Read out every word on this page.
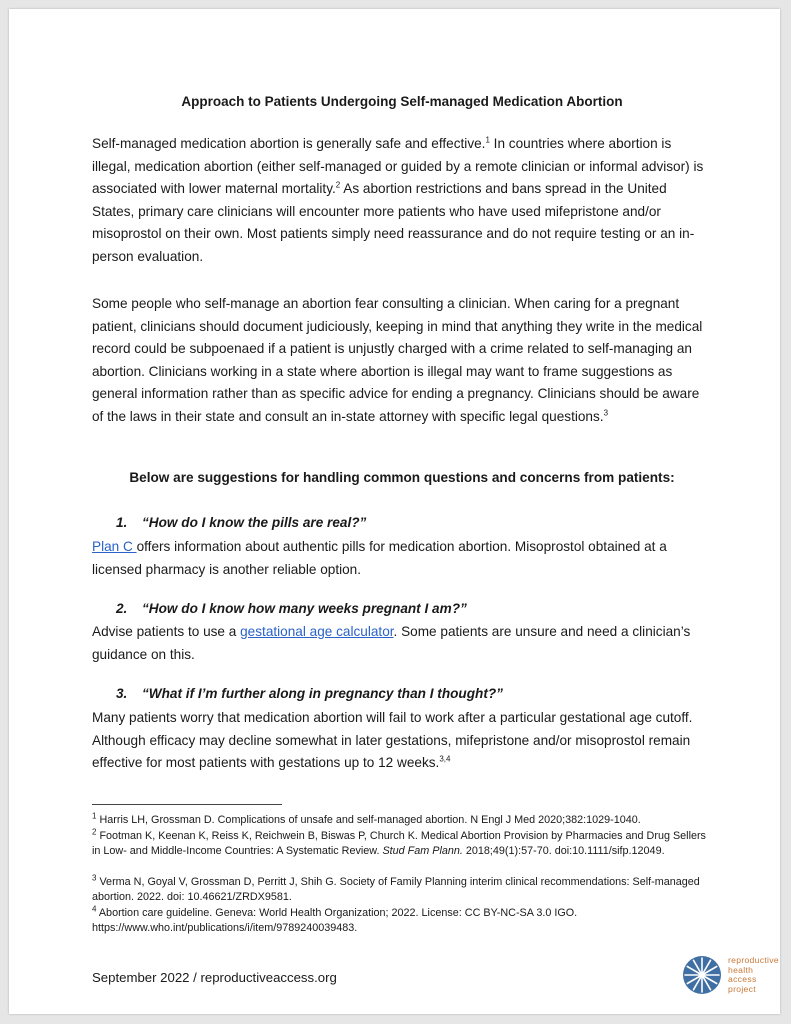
Approach to Patients Undergoing Self-managed Medication Abortion

Self-managed medication abortion is generally safe and effective.$^1$ In countries where abortion is illegal, medication abortion (either self-managed or guided by a remote clinician or informal advisor) is associated with lower maternal mortality.$^2$ As abortion restrictions and bans spread in the United States, primary care clinicians will encounter more patients who have used mifepristone and/or misoprostol on their own. Most patients simply need reassurance and do not require testing or an in-person evaluation.

Some people who self-manage an abortion fear consulting a clinician. When caring for a pregnant patient, clinicians should document judiciously, keeping in mind that anything they write in the medical record could be subpoenaed if a patient is unjustly charged with a crime related to self-managing an abortion. Clinicians working in a state where abortion is illegal may want to frame suggestions as general information rather than as specific advice for ending a pregnancy. Clinicians should be aware of the laws in their state and consult an in-state attorney with specific legal questions.$^3$

Below are suggestions for handling common questions and concerns from patients:
1. “How do I know the pills are real?”

Plan C offers information about authentic pills for medication abortion. Misoprostol obtained at a licensed pharmacy is another reliable option.

2. “How do I know how many weeks pregnant I am?”

Advise patients to use a gestational age calculator. Some patients are unsure and need a clinician’s guidance on this.

3. “What if I’m further along in pregnancy than I thought?”

Many patients worry that medication abortion will fail to work after a particular gestational age cutoff. Although efficacy may decline somewhat in later gestations, mifepristone and/or misoprostol remain effective for most patients with gestations up to 12 weeks.$^{3,4}$

$^1$ Harris LH, Grossman D. Complications of unsafe and self-managed abortion. N Engl J Med 2020;382:1029-1040.

$^2$ Footman K, Keenan K, Reiss K, Reichwein B, Biswas P, Church K. Medical Abortion Provision by Pharmacies and Drug Sellers in Low- and Middle-Income Countries: A Systematic Review. Stud Fam Plann. 2018;49(1):57-70. doi:10.1111/sifp.12049.

$^3$ Verma N, Goyal V, Grossman D, Perritt J, Shih G. Society of Family Planning interim clinical recommendations: Self-managed abortion. 2022. doi: 10.46621/ZRDX9581.

$^4$ Abortion care guideline. Geneva: World Health Organization; 2022. License: CC BY-NC-SA 3.0 IGO. https://www.who.int/publications/i/item/9789240039483.

September 2022 / reproductiveaccess.org
reproductive
health
access
project
